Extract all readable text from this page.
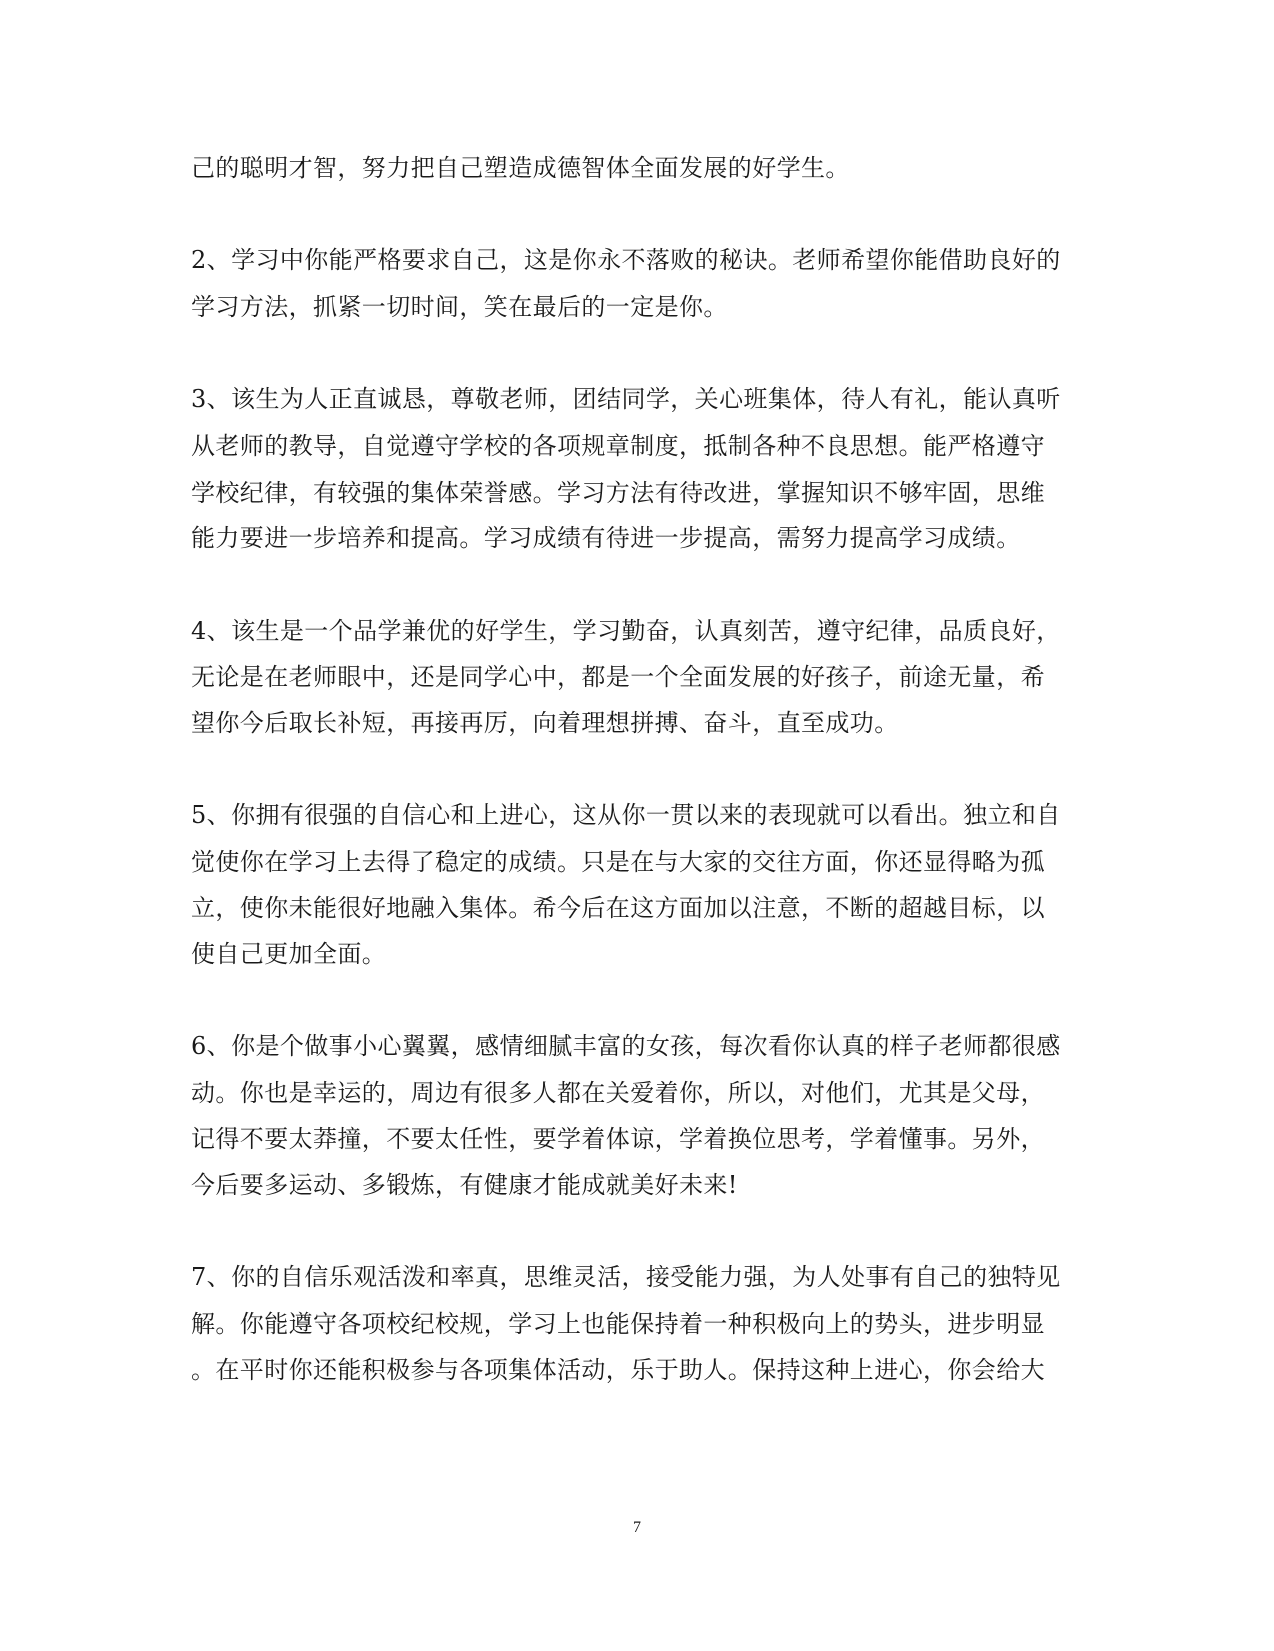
己的聪明才智，努力把自己塑造成德智体全面发展的好学生。
2、学习中你能严格要求自己，这是你永不落败的秘诀。老师希望你能借助良好的
学习方法，抓紧一切时间，笑在最后的一定是你。
3、该生为人正直诚恳，尊敬老师，团结同学，关心班集体，待人有礼，能认真听
从老师的教导，自觉遵守学校的各项规章制度，抵制各种不良思想。能严格遵守
学校纪律，有较强的集体荣誉感。学习方法有待改进，掌握知识不够牢固，思维
能力要进一步培养和提高。学习成绩有待进一步提高，需努力提高学习成绩。
4、该生是一个品学兼优的好学生，学习勤奋，认真刻苦，遵守纪律，品质良好，
无论是在老师眼中，还是同学心中，都是一个全面发展的好孩子，前途无量，希
望你今后取长补短，再接再厉，向着理想拼搏、奋斗，直至成功。
5、你拥有很强的自信心和上进心，这从你一贯以来的表现就可以看出。独立和自
觉使你在学习上去得了稳定的成绩。只是在与大家的交往方面，你还显得略为孤
立，使你未能很好地融入集体。希今后在这方面加以注意，不断的超越目标，以
使自己更加全面。
6、你是个做事小心翼翼，感情细腻丰富的女孩，每次看你认真的样子老师都很感
动。你也是幸运的，周边有很多人都在关爱着你，所以，对他们，尤其是父母，
记得不要太莽撞，不要太任性，要学着体谅，学着换位思考，学着懂事。另外，
今后要多运动、多锻炼，有健康才能成就美好未来!
7、你的自信乐观活泼和率真，思维灵活，接受能力强，为人处事有自己的独特见
解。你能遵守各项校纪校规，学习上也能保持着一种积极向上的势头，进步明显
。在平时你还能积极参与各项集体活动，乐于助人。保持这种上进心，你会给大
7
